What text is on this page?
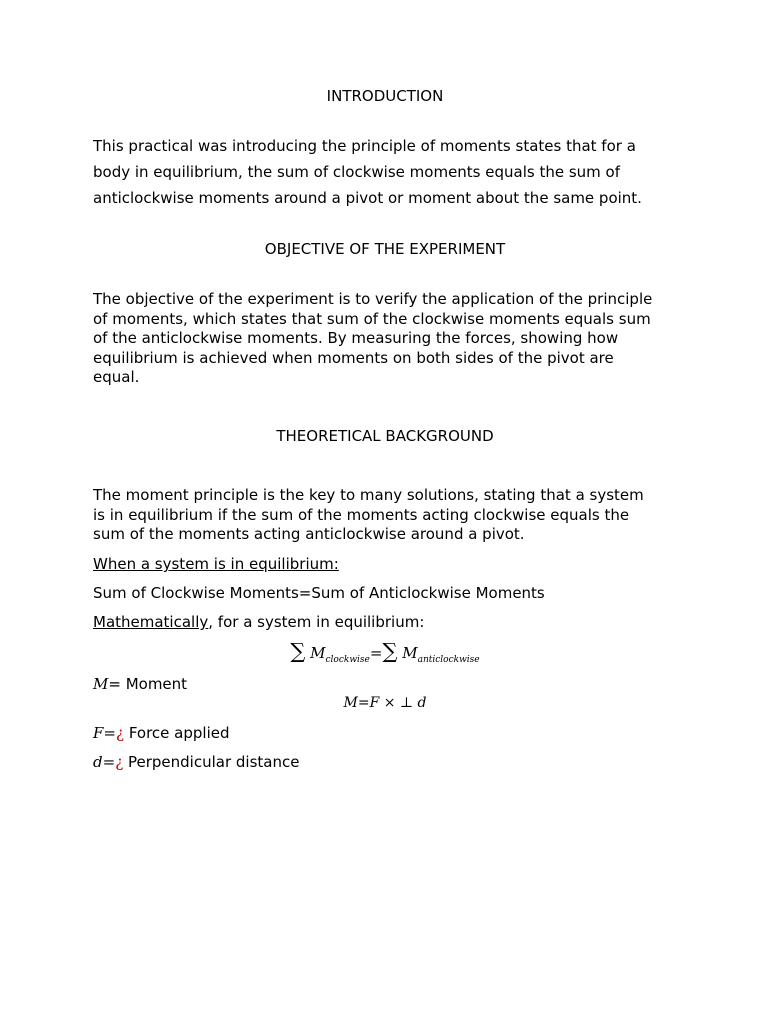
INTRODUCTION

This practical was introducing the principle of moments states that for a

body in equilibrium, the sum of clockwise moments equals the sum of

anticlockwise moments around a pivot or moment about the same point.

OBJECTIVE OF THE EXPERIMENT

The objective of the experiment is to verify the application of the principle

of moments, which states that sum of the clockwise moments equals sum

of the anticlockwise moments. By measuring the forces, showing how

equilibrium is achieved when moments on both sides of the pivot are

equal.

THEORETICAL BACKGROUND

The moment principle is the key to many solutions, stating that a system

is in equilibrium if the sum of the moments acting clockwise equals the

sum of the moments acting anticlockwise around a pivot.

When a system is in equilibrium:

Sum of Clockwise Moments=Sum of Anticlockwise Moments

Mathematically, for a system in equilibrium:

∑ $M_{clockwise}=\sum$ $M_{anticlockwise}$

M= Moment

M=F × ⊥ d

F=¿ Force applied

d=¿ Perpendicular distance
